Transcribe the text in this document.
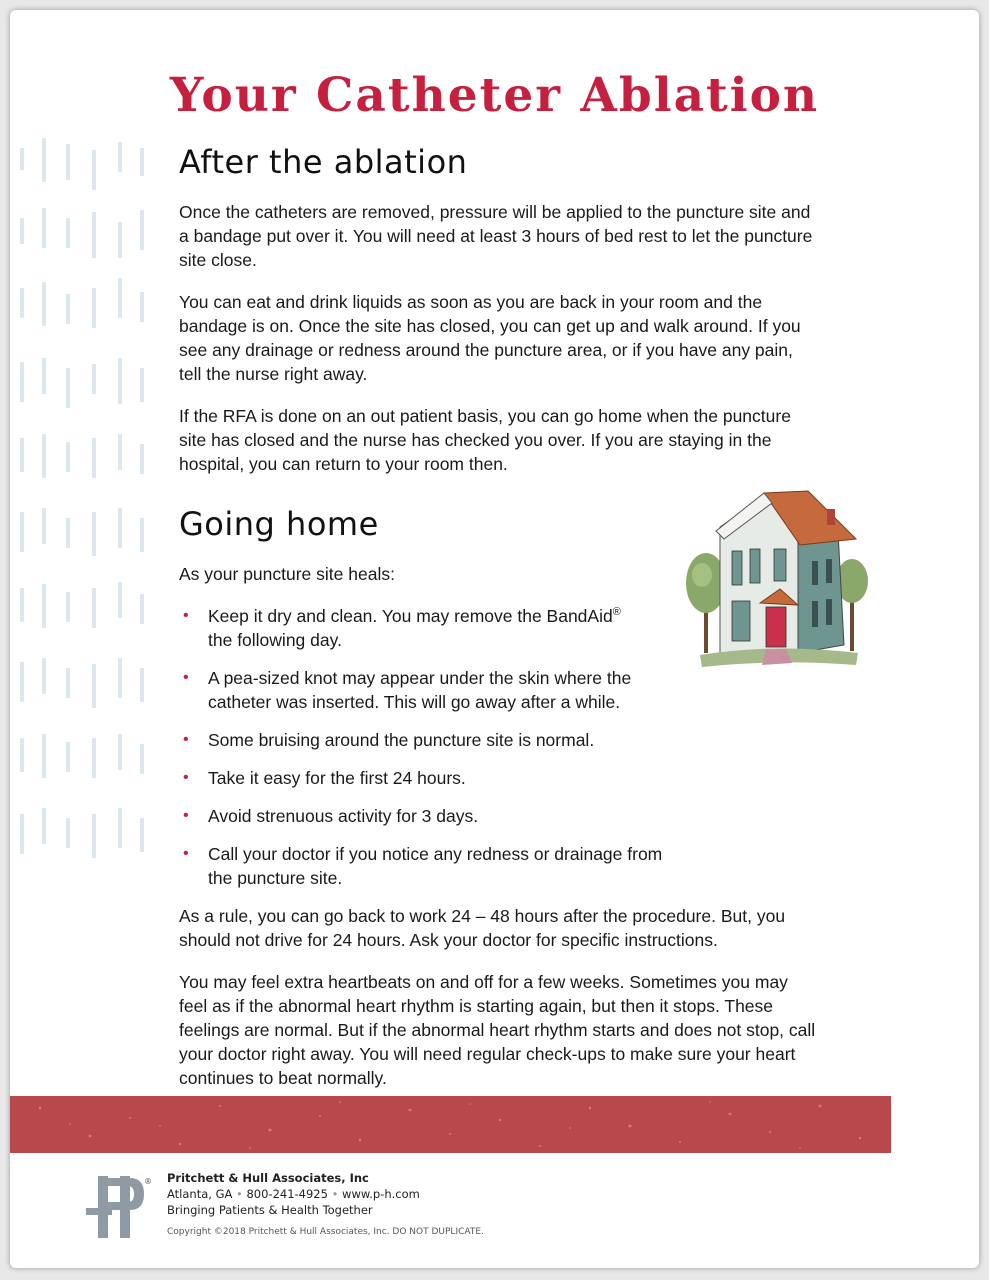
Your Catheter Ablation
After the ablation

Once the catheters are removed, pressure will be applied to the puncture site and a bandage put over it. You will need at least 3 hours of bed rest to let the puncture site close.

You can eat and drink liquids as soon as you are back in your room and the bandage is on. Once the site has closed, you can get up and walk around. If you see any drainage or redness around the puncture area, or if you have any pain, tell the nurse right away.

If the RFA is done on an out patient basis, you can go home when the puncture site has closed and the nurse has checked you over. If you are staying in the hospital, you can return to your room then.

Going home

As your puncture site heals:

• Keep it dry and clean. You may remove the BandAid® the following day.
• A pea-sized knot may appear under the skin where the catheter was inserted. This will go away after a while.
• Some bruising around the puncture site is normal.
• Take it easy for the first 24 hours.
• Avoid strenuous activity for 3 days.
• Call your doctor if you notice any redness or drainage from the puncture site.

As a rule, you can go back to work 24 – 48 hours after the procedure. But, you should not drive for 24 hours. Ask your doctor for specific instructions.

You may feel extra heartbeats on and off for a few weeks. Sometimes you may feel as if the abnormal heart rhythm is starting again, but then it stops. These feelings are normal. But if the abnormal heart rhythm starts and does not stop, call your doctor right away. You will need regular check-ups to make sure your heart continues to beat normally.

® Pritchett & Hull Associates, Inc
Atlanta, GA • 800-241-4925 • www.p-h.com
Bringing Patients & Health Together
Copyright ©2018 Pritchett & Hull Associates, Inc. DO NOT DUPLICATE.
